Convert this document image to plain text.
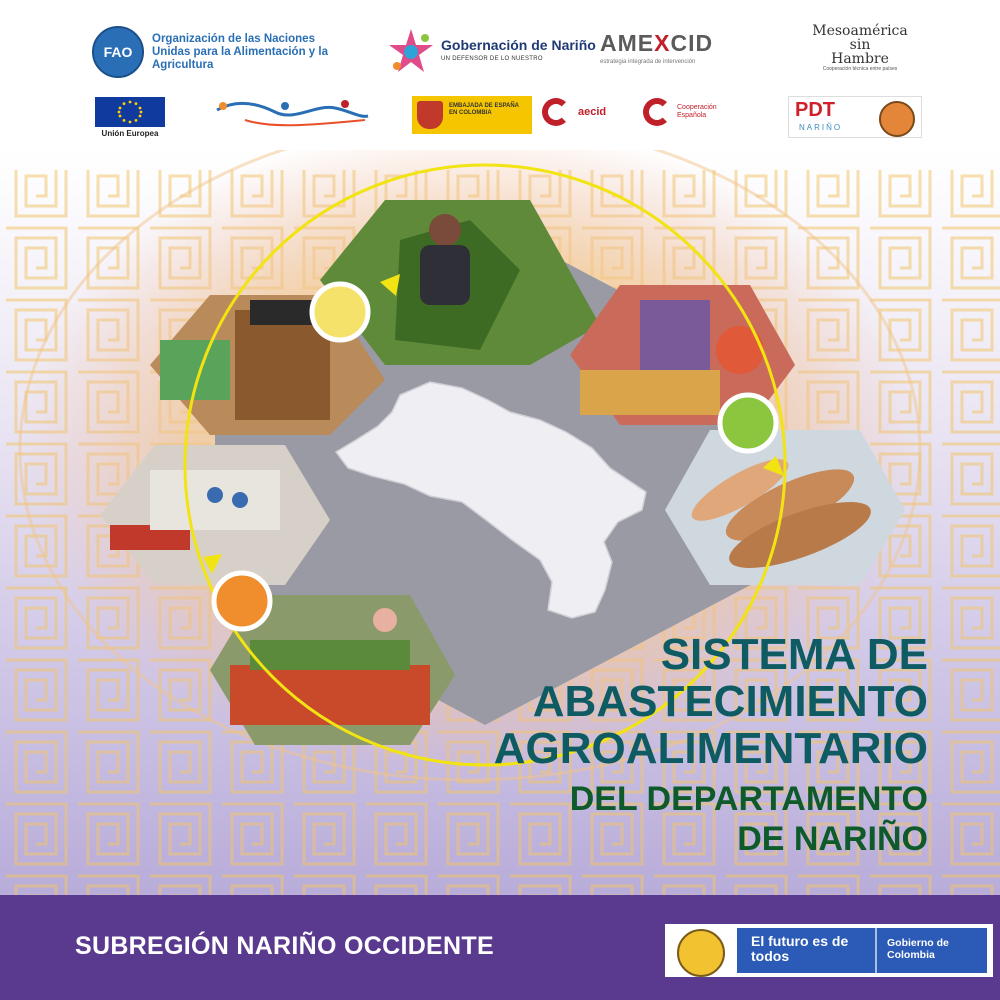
FAO
Organización de las Naciones Unidas para la Alimentación y la Agricultura
Gobernación de Nariño
UN DEFENSOR DE LO NUESTRO
AMEXCID
estrategia integrada de intervención
Mesoamérica
sin
Hambre
Cooperación técnica entre países
Unión Europea
EMBAJADA DE ESPAÑA EN COLOMBIA	aecid	Cooperación Española	PDT
NARIÑO
SISTEMA DE
ABASTECIMIENTO
AGROALIMENTARIO
DEL DEPARTAMENTO
DE NARIÑO
SUBREGIÓN NARIÑO OCCIDENTE	El futuro es de todos
Gobierno de Colombia
